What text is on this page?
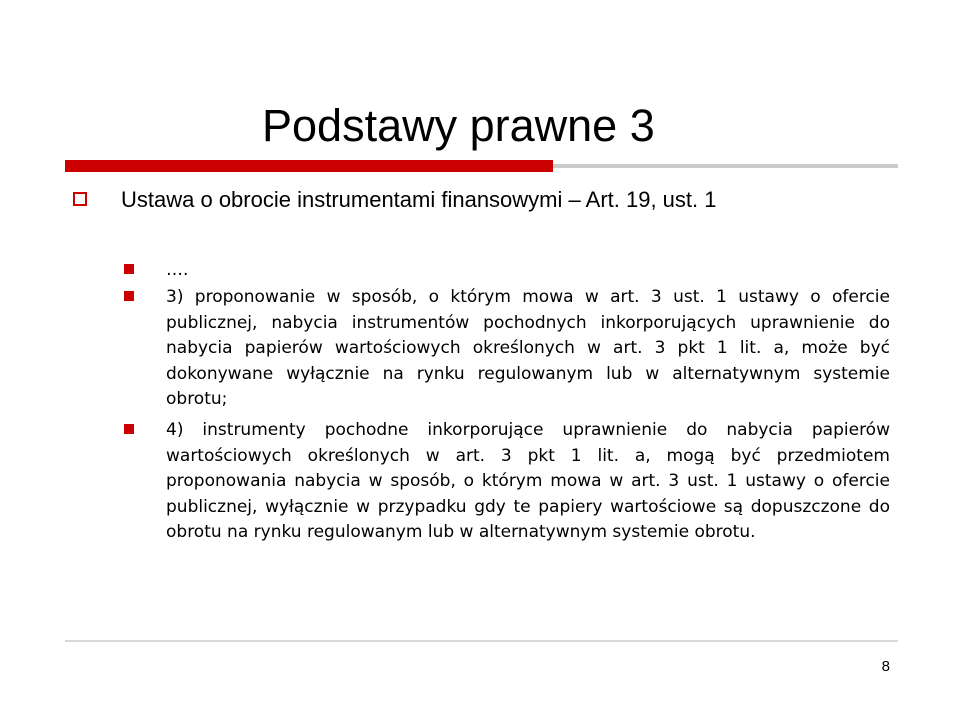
Podstawy prawne 3
Ustawa o obrocie instrumentami finansowymi – Art. 19, ust. 1
….
3) proponowanie w sposób, o którym mowa w art. 3 ust. 1 ustawy o ofercie publicznej, nabycia instrumentów pochodnych inkorporujących uprawnienie do nabycia papierów wartościowych określonych w art. 3 pkt 1 lit. a, może być dokonywane wyłącznie na rynku regulowanym lub w alternatywnym systemie obrotu;
4) instrumenty pochodne inkorporujące uprawnienie do nabycia papierów wartościowych określonych w art. 3 pkt 1 lit. a, mogą być przedmiotem proponowania nabycia w sposób, o którym mowa w art. 3 ust. 1 ustawy o ofercie publicznej, wyłącznie w przypadku gdy te papiery wartościowe są dopuszczone do obrotu na rynku regulowanym lub w alternatywnym systemie obrotu.
8
